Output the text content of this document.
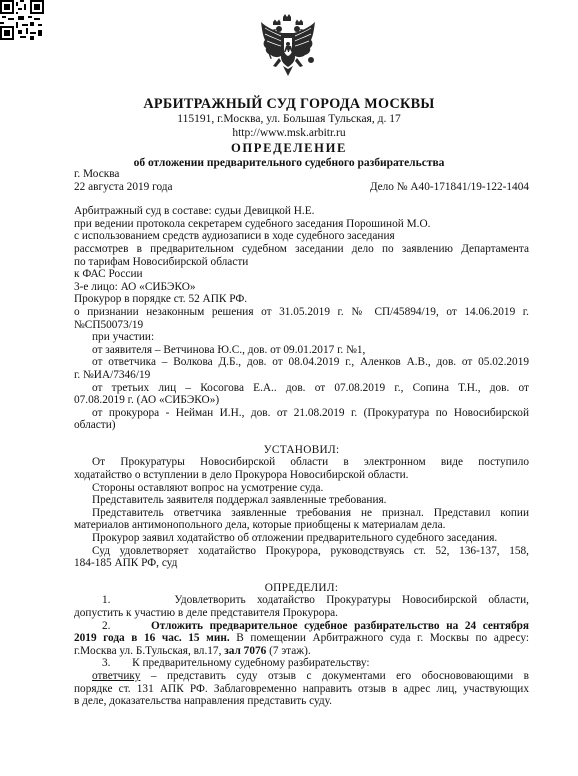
АРБИТРАЖНЫЙ СУД ГОРОДА МОСКВЫ
115191, г.Москва, ул. Большая Тульская, д. 17
http://www.msk.arbitr.ru
ОПРЕДЕЛЕНИЕ
об отложении предварительного судебного разбирательства
г. Москва
22 августа 2019 года	Дело № А40-171841/19-122-1404
Арбитражный суд в составе: судьи Девицкой Н.Е.
при ведении протокола секретарем судебного заседания Порошиной М.О.
с использованием средств аудиозаписи в ходе судебного заседания
рассмотрев в предварительном судебном заседании дело по заявлению Департамента
по тарифам Новосибирской области
к ФАС России
3-е лицо: АО «СИБЭКО»
Прокурор в порядке ст. 52 АПК РФ.
о признании незаконным решения от 31.05.2019 г. № СП/45894/19, от 14.06.2019 г.
№СП50073/19
при участии:
от заявителя – Ветчинова Ю.С., дов. от 09.01.2017 г. №1,
от ответчика – Волкова Д.Б., дов. от 08.04.2019 г., Аленков А.В., дов. от 05.02.2019
г. №ИА/7346/19
от третьих лиц – Косогова Е.А.. дов. от 07.08.2019 г., Сопина Т.Н., дов. от
07.08.2019 г. (АО «СИБЭКО»)
от прокурора - Нейман И.Н., дов. от 21.08.2019 г. (Прокуратура по Новосибирской
области)
УСТАНОВИЛ:
От Прокуратуры Новосибирской области в электронном виде поступило
ходатайство о вступлении в дело Прокурора Новосибирской области.
Стороны оставляют вопрос на усмотрение суда.
Представитель заявителя поддержал заявленные требования.
Представитель ответчика заявленные требования не признал. Представил копии
материалов антимонопольного дела, которые приобщены к материалам дела.
Прокурор заявил ходатайство об отложении предварительного судебного заседания.
Суд удовлетворяет ходатайство Прокурора, руководствуясь ст. 52, 136-137, 158,
184-185 АПК РФ, суд
ОПРЕДЕЛИЛ:
1.	Удовлетворить ходатайство Прокуратуры Новосибирской области,
допустить к участию в деле представителя Прокурора.
2.	Отложить предварительное судебное разбирательство на 24 сентября
2019 года в 16 час. 15 мин. В помещении Арбитражного суда г. Москвы по адресу:
г.Москва ул. Б.Тульская, вл.17, зал 7076 (7 этаж).
3. К предварительному судебному разбирательству:
ответчику – представить суду отзыв с документами его обоснововающими в
порядке ст. 131 АПК РФ. Заблаговременно направить отзыв в адрес лиц, участвующих
в деле, доказательства направления представить суду.
